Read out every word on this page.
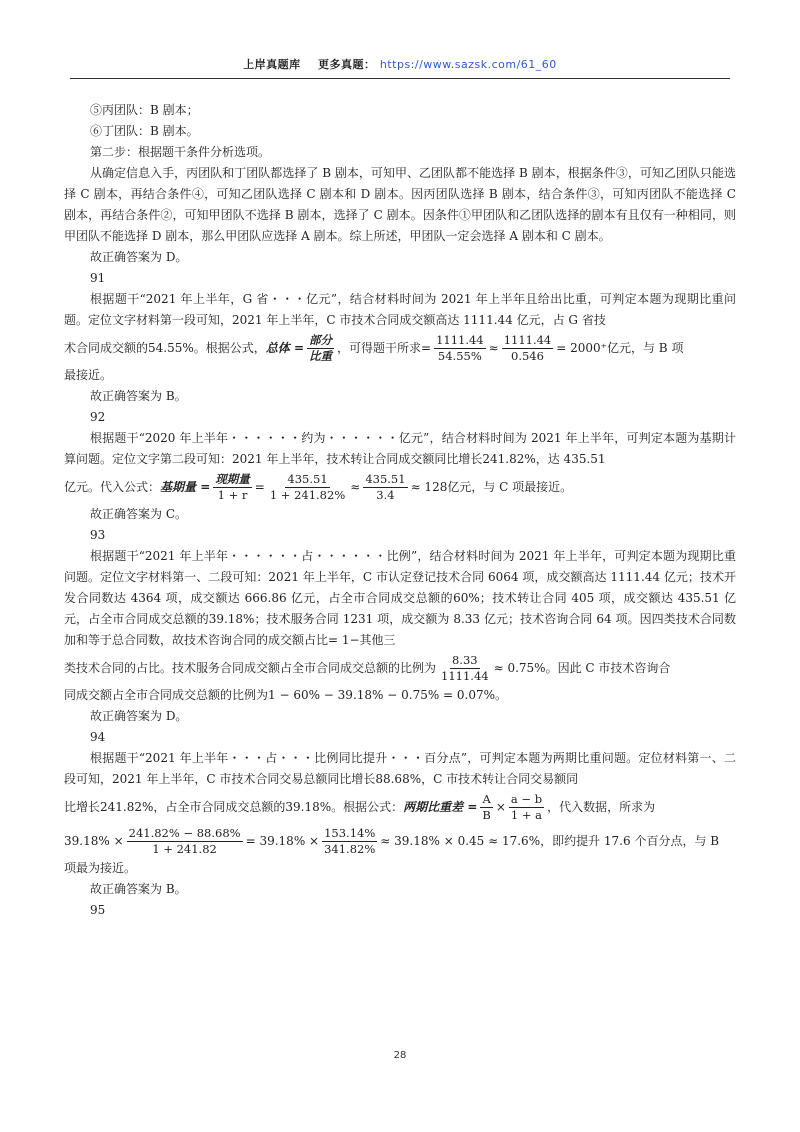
上岸真题库 更多真题： https://www.sazsk.com/61_60

⑤丙团队：B 剧本；

⑥丁团队：B 剧本。

第二步：根据题干条件分析选项。

从确定信息入手，丙团队和丁团队都选择了 B 剧本，可知甲、乙团队都不能选择 B 剧本，根据条件③，可知乙团队只能选择 C 剧本，再结合条件④，可知乙团队选择 C 剧本和 D 剧本。因丙团队选择 B 剧本，结合条件③，可知丙团队不能选择 C 剧本，再结合条件②，可知甲团队不选择 B 剧本，选择了 C 剧本。因条件①甲团队和乙团队选择的剧本有且仅有一种相同，则甲团队不能选择 D 剧本，那么甲团队应选择 A 剧本。综上所述，甲团队一定会选择 A 剧本和 C 剧本。

故正确答案为 D。

91

根据题干“2021 年上半年，G 省・・・亿元”，结合材料时间为 2021 年上半年且给出比重，可判定本题为现期比重问题。定位文字材料第一段可知，2021 年上半年，C 市技术合同成交额高达 1111.44 亿元，占 G 省技

术合同成交额的54.55%。根据公式， 总体 = $\frac{\text{部分}}{\text{比重}}$ ，可得题干所求= $\frac{1111.44}{54.55\%} \approx \frac{1111.44}{0.546} = 2000^+$亿元，与 B 项

最接近。

故正确答案为 B。

92

根据题干“2020 年上半年・・・・・・约为・・・・・・亿元”，结合材料时间为 2021 年上半年，可判定本题为基期计算问题。定位文字第二段可知：2021 年上半年，技术转让合同成交额同比增长241.82%，达 435.51

亿元。代入公式： 基期量 = $\frac{\text{现期量}}{1 + r} = \frac{435.51}{1 + 241.82\%} \approx \frac{435.51}{3.4} \approx 128$亿元，与 C 项最接近。

故正确答案为 C。

93

根据题干“2021 年上半年・・・・・・占・・・・・・比例”，结合材料时间为 2021 年上半年，可判定本题为现期比重问题。定位文字材料第一、二段可知：2021 年上半年，C 市认定登记技术合同 6064 项，成交额高达 1111.44 亿元；技术开发合同数达 4364 项，成交额达 666.86 亿元，占全市合同成交总额的60%；技术转让合同 405 项，成交额达 435.51 亿元，占全市合同成交总额的39.18%；技术服务合同 1231 项，成交额为 8.33 亿元；技术咨询合同 64 项。因四类技术合同数加和等于总合同数，故技术咨询合同的成交额占比= 1−其他三

类技术合同的占比。技术服务合同成交额占全市合同成交总额的比例为 $\frac{8.33}{1111.44} \approx 0.75\%$。因此 C 市技术咨询合

同成交额占全市合同成交总额的比例为1 − 60% − 39.18% − 0.75% = 0.07%。

故正确答案为 D。

94

根据题干“2021 年上半年・・・占・・・比例同比提升・・・百分点”，可判定本题为两期比重问题。定位材料第一、二段可知，2021 年上半年，C 市技术合同交易总额同比增长88.68%，C 市技术转让合同交易额同

比增长241.82%，占全市合同成交总额的39.18%。根据公式： 两期比重差 = $\frac{A}{B} \times \frac{a - b}{1 + a}$ ，代入数据，所求为
$39.18\% \times \frac{241.82\% - 88.68\%}{1 + 241.82} = 39.18\% \times \frac{153.14\%}{341.82\%} \approx 39.18\% \times 0.45 \approx 17.6\%$，即约提升 17.6 个百分点，与 B

项最为接近。

故正确答案为 B。

95

28
